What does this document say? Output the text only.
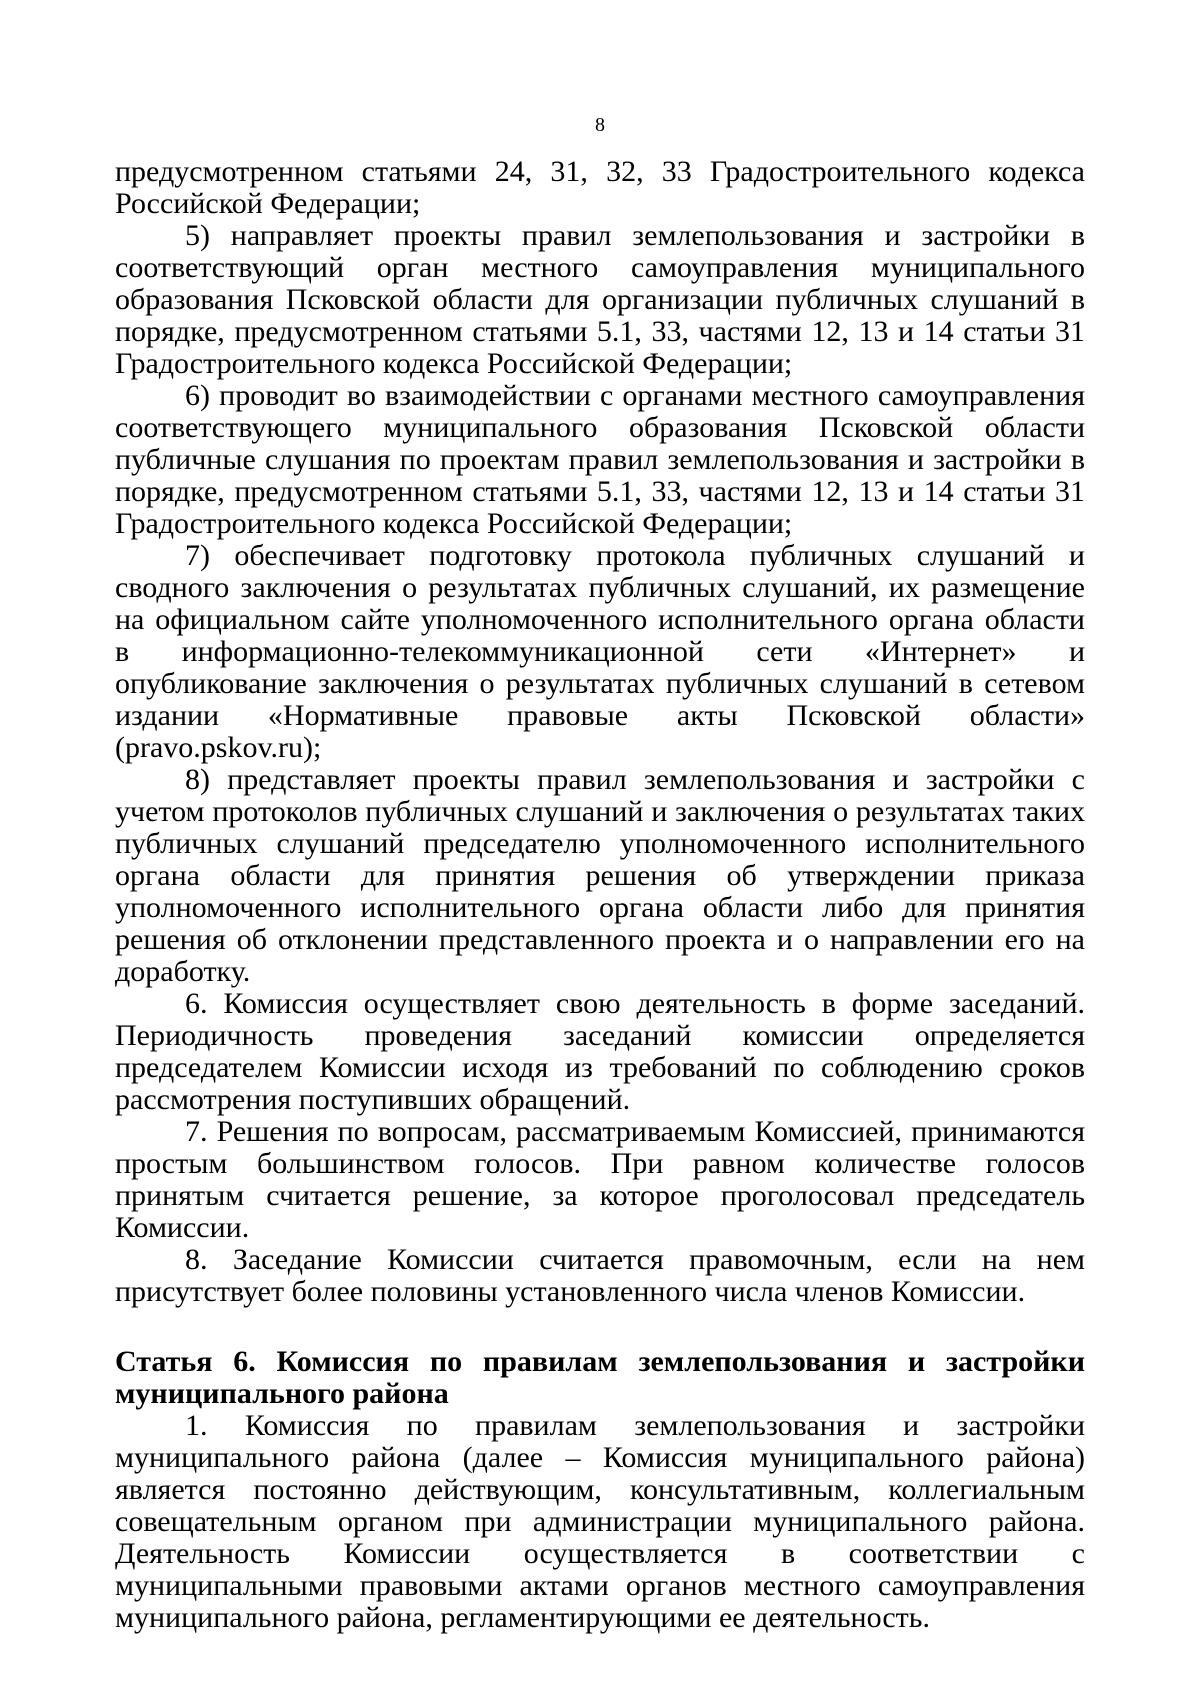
8

предусмотренном статьями 24, 31, 32, 33 Градостроительного кодекса Российской Федерации;

5) направляет проекты правил землепользования и застройки в соответствующий орган местного самоуправления муниципального образования Псковской области для организации публичных слушаний в порядке, предусмотренном статьями 5.1, 33, частями 12, 13 и 14 статьи 31 Градостроительного кодекса Российской Федерации;

6) проводит во взаимодействии с органами местного самоуправления соответствующего муниципального образования Псковской области публичные слушания по проектам правил землепользования и застройки в порядке, предусмотренном статьями 5.1, 33, частями 12, 13 и 14 статьи 31 Градостроительного кодекса Российской Федерации;

7) обеспечивает подготовку протокола публичных слушаний и сводного заключения о результатах публичных слушаний, их размещение на официальном сайте уполномоченного исполнительного органа области в информационно-телекоммуникационной сети «Интернет» и опубликование заключения о результатах публичных слушаний в сетевом издании «Нормативные правовые акты Псковской области» (pravo.pskov.ru);

8) представляет проекты правил землепользования и застройки с учетом протоколов публичных слушаний и заключения о результатах таких публичных слушаний председателю уполномоченного исполнительного органа области для принятия решения об утверждении приказа уполномоченного исполнительного органа области либо для принятия решения об отклонении представленного проекта и о направлении его на доработку.

6. Комиссия осуществляет свою деятельность в форме заседаний. Периодичность проведения заседаний комиссии определяется председателем Комиссии исходя из требований по соблюдению сроков рассмотрения поступивших обращений.

7. Решения по вопросам, рассматриваемым Комиссией, принимаются простым большинством голосов. При равном количестве голосов принятым считается решение, за которое проголосовал председатель Комиссии.

8. Заседание Комиссии считается правомочным, если на нем присутствует более половины установленного числа членов Комиссии.

Статья 6. Комиссия по правилам землепользования и застройки муниципального района

1. Комиссия по правилам землепользования и застройки муниципального района (далее – Комиссия муниципального района) является постоянно действующим, консультативным, коллегиальным совещательным органом при администрации муниципального района. Деятельность Комиссии осуществляется в соответствии с муниципальными правовыми актами органов местного самоуправления муниципального района, регламентирующими ее деятельность.
